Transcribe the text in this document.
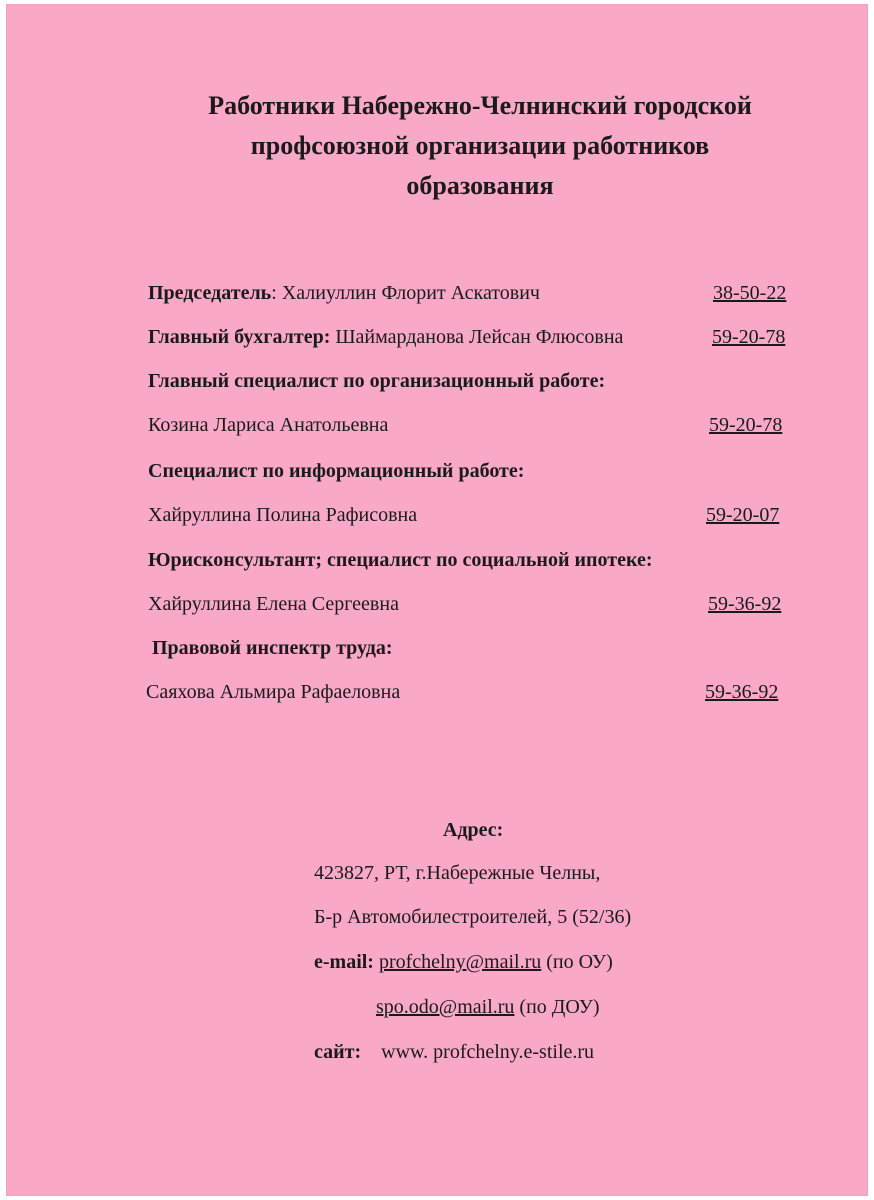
Работники Набережно-Челнинский городской
профсоюзной организации работников
образования
Председатель: Халиуллин Флорит Аскатович	38-50-22
Главный бухгалтер: Шаймарданова Лейсан Флюсовна	59-20-78
Главный специалист по организационный работе:
Козина Лариса Анатольевна	59-20-78
Специалист по информационный работе:
Хайруллина Полина Рафисовна	59-20-07
Юрисконсультант; специалист по социальной ипотеке:
Хайруллина Елена Сергеевна	59-36-92
Правовой инспектр труда:
Саяхова Альмира Рафаеловна	59-36-92
Адрес:
423827, РТ, г.Набережные Челны,
Б-р Автомобилестроителей, 5 (52/36)
e-mail: profchelny@mail.ru (по ОУ)
spo.odo@mail.ru (по ДОУ)
сайт: www. profchelny.e-stile.ru
